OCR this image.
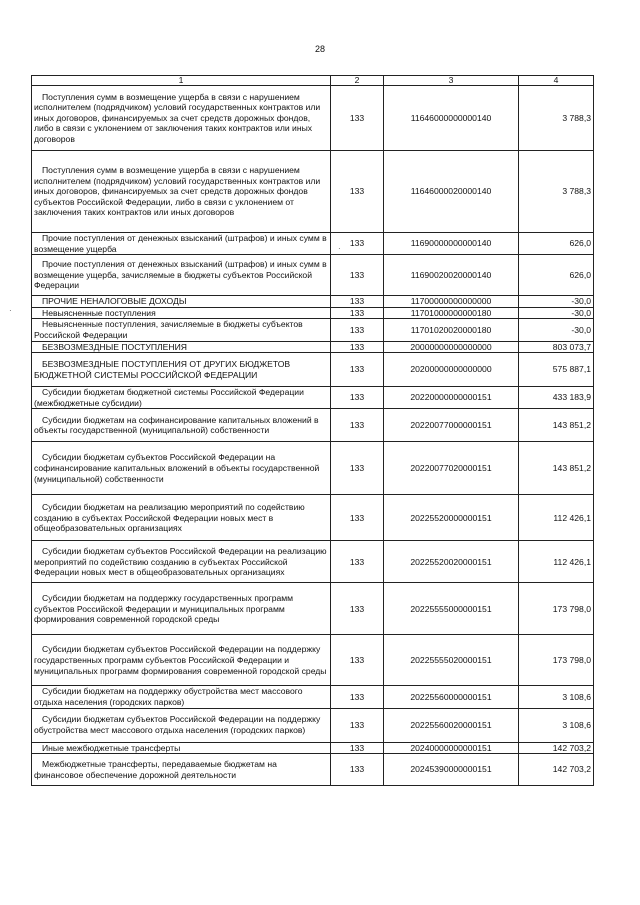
28
·
·
1	2	3	4
Поступления сумм в возмещение ущерба в связи с нарушением исполнителем (подрядчиком) условий государственных контрактов или иных договоров, финансируемых за счет средств дорожных фондов, либо в связи с уклонением от заключения таких контрактов или иных договоров	133	11646000000000140	3 788,3
Поступления сумм в возмещение ущерба в связи с нарушением исполнителем (подрядчиком) условий государственных контрактов или иных договоров, финансируемых за счет средств дорожных фондов субъектов Российской Федерации, либо в связи с уклонением от заключения таких контрактов или иных договоров	133	11646000020000140	3 788,3
Прочие поступления от денежных взысканий (штрафов) и иных сумм в возмещение ущерба	133	11690000000000140	626,0
Прочие поступления от денежных взысканий (штрафов) и иных сумм в возмещение ущерба, зачисляемые в бюджеты субъектов Российской Федерации	133	11690020020000140	626,0
ПРОЧИЕ НЕНАЛОГОВЫЕ ДОХОДЫ	133	11700000000000000	-30,0
Невыясненные поступления	133	11701000000000180	-30,0
Невыясненные поступления, зачисляемые в бюджеты субъектов Российской Федерации	133	11701020020000180	-30,0
БЕЗВОЗМЕЗДНЫЕ ПОСТУПЛЕНИЯ	133	20000000000000000	803 073,7
БЕЗВОЗМЕЗДНЫЕ ПОСТУПЛЕНИЯ ОТ ДРУГИХ БЮДЖЕТОВ БЮДЖЕТНОЙ СИСТЕМЫ РОССИЙСКОЙ ФЕДЕРАЦИИ	133	20200000000000000	575 887,1
Субсидии бюджетам бюджетной системы Российской Федерации (межбюджетные субсидии)	133	20220000000000151	433 183,9
Субсидии бюджетам на софинансирование капитальных вложений в объекты государственной (муниципальной) собственности	133	20220077000000151	143 851,2
Субсидии бюджетам субъектов Российской Федерации на софинансирование капитальных вложений в объекты государственной (муниципальной) собственности	133	20220077020000151	143 851,2
Субсидии бюджетам на реализацию мероприятий по содействию созданию в субъектах Российской Федерации новых мест в общеобразовательных организациях	133	20225520000000151	112 426,1
Субсидии бюджетам субъектов Российской Федерации на реализацию мероприятий по содействию созданию в субъектах Российской Федерации новых мест в общеобразовательных организациях	133	20225520020000151	112 426,1
Субсидии бюджетам на поддержку государственных программ субъектов Российской Федерации и муниципальных программ формирования современной городской среды	133	20225555000000151	173 798,0
Субсидии бюджетам субъектов Российской Федерации на поддержку государственных программ субъектов Российской Федерации и муниципальных программ формирования современной городской среды	133	20225555020000151	173 798,0
Субсидии бюджетам на поддержку обустройства мест массового отдыха населения (городских парков)	133	20225560000000151	3 108,6
Субсидии бюджетам субъектов Российской Федерации на поддержку обустройства мест массового отдыха населения (городских парков)	133	20225560020000151	3 108,6
Иные межбюджетные трансферты	133	20240000000000151	142 703,2
Межбюджетные трансферты, передаваемые бюджетам на финансовое обеспечение дорожной деятельности	133	20245390000000151	142 703,2
